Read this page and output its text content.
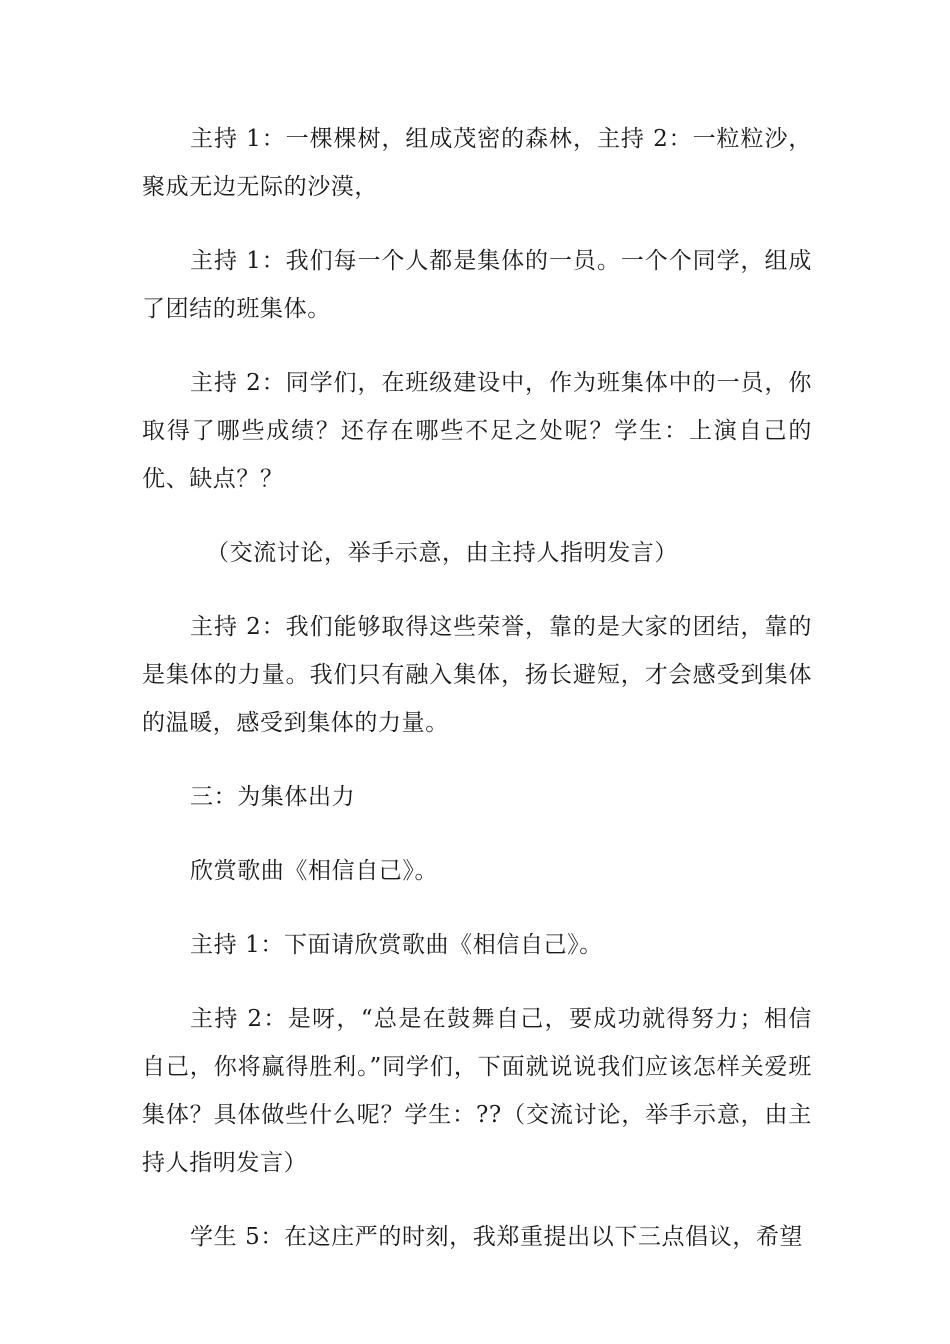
主持 1：一棵棵树，组成茂密的森林，主持 2：一粒粒沙，聚成无边无际的沙漠，

主持 1：我们每一个人都是集体的一员。一个个同学，组成了团结的班集体。

主持 2：同学们，在班级建设中，作为班集体中的一员，你取得了哪些成绩？还存在哪些不足之处呢？学生：上演自己的优、缺点？？

（交流讨论，举手示意，由主持人指明发言）

主持 2：我们能够取得这些荣誉，靠的是大家的团结，靠的是集体的力量。我们只有融入集体，扬长避短，才会感受到集体的温暖，感受到集体的力量。

三：为集体出力

欣赏歌曲《相信自己》。

主持 1：下面请欣赏歌曲《相信自己》。

主持 2：是呀，“总是在鼓舞自己，要成功就得努力；相信自己，你将赢得胜利。”同学们，下面就说说我们应该怎样关爱班集体？具体做些什么呢？学生：??（交流讨论，举手示意，由主持人指明发言）

学生 5：在这庄严的时刻，我郑重提出以下三点倡议，希望
